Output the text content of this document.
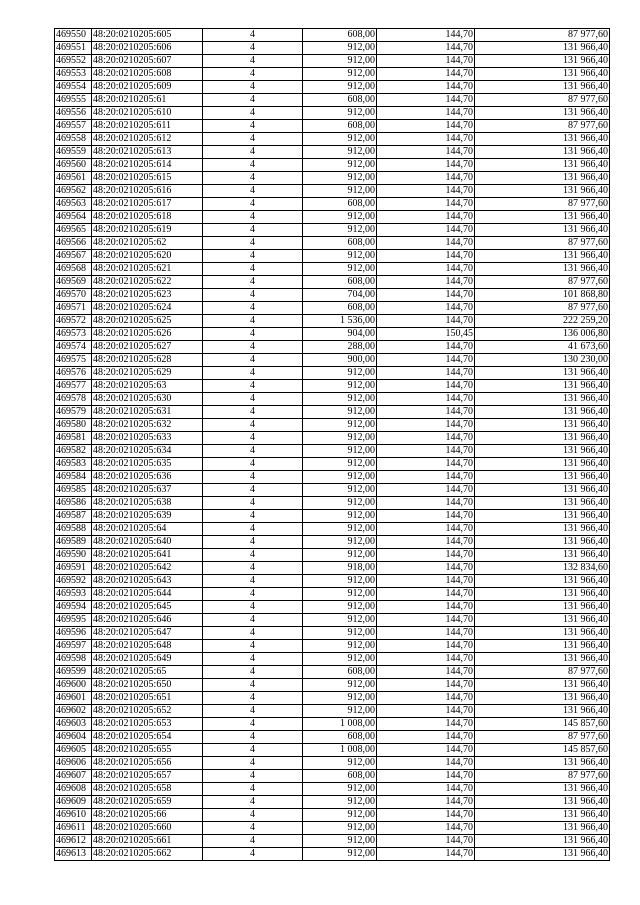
469550	48:20:0210205:605	4	608,00	144,70	87 977,60
469551	48:20:0210205:606	4	912,00	144,70	131 966,40
469552	48:20:0210205:607	4	912,00	144,70	131 966,40
469553	48:20:0210205:608	4	912,00	144,70	131 966,40
469554	48:20:0210205:609	4	912,00	144,70	131 966,40
469555	48:20:0210205:61	4	608,00	144,70	87 977,60
469556	48:20:0210205:610	4	912,00	144,70	131 966,40
469557	48:20:0210205:611	4	608,00	144,70	87 977,60
469558	48:20:0210205:612	4	912,00	144,70	131 966,40
469559	48:20:0210205:613	4	912,00	144,70	131 966,40
469560	48:20:0210205:614	4	912,00	144,70	131 966,40
469561	48:20:0210205:615	4	912,00	144,70	131 966,40
469562	48:20:0210205:616	4	912,00	144,70	131 966,40
469563	48:20:0210205:617	4	608,00	144,70	87 977,60
469564	48:20:0210205:618	4	912,00	144,70	131 966,40
469565	48:20:0210205:619	4	912,00	144,70	131 966,40
469566	48:20:0210205:62	4	608,00	144,70	87 977,60
469567	48:20:0210205:620	4	912,00	144,70	131 966,40
469568	48:20:0210205:621	4	912,00	144,70	131 966,40
469569	48:20:0210205:622	4	608,00	144,70	87 977,60
469570	48:20:0210205:623	4	704,00	144,70	101 868,80
469571	48:20:0210205:624	4	608,00	144,70	87 977,60
469572	48:20:0210205:625	4	1 536,00	144,70	222 259,20
469573	48:20:0210205:626	4	904,00	150,45	136 006,80
469574	48:20:0210205:627	4	288,00	144,70	41 673,60
469575	48:20:0210205:628	4	900,00	144,70	130 230,00
469576	48:20:0210205:629	4	912,00	144,70	131 966,40
469577	48:20:0210205:63	4	912,00	144,70	131 966,40
469578	48:20:0210205:630	4	912,00	144,70	131 966,40
469579	48:20:0210205:631	4	912,00	144,70	131 966,40
469580	48:20:0210205:632	4	912,00	144,70	131 966,40
469581	48:20:0210205:633	4	912,00	144,70	131 966,40
469582	48:20:0210205:634	4	912,00	144,70	131 966,40
469583	48:20:0210205:635	4	912,00	144,70	131 966,40
469584	48:20:0210205:636	4	912,00	144,70	131 966,40
469585	48:20:0210205:637	4	912,00	144,70	131 966,40
469586	48:20:0210205:638	4	912,00	144,70	131 966,40
469587	48:20:0210205:639	4	912,00	144,70	131 966,40
469588	48:20:0210205:64	4	912,00	144,70	131 966,40
469589	48:20:0210205:640	4	912,00	144,70	131 966,40
469590	48:20:0210205:641	4	912,00	144,70	131 966,40
469591	48:20:0210205:642	4	918,00	144,70	132 834,60
469592	48:20:0210205:643	4	912,00	144,70	131 966,40
469593	48:20:0210205:644	4	912,00	144,70	131 966,40
469594	48:20:0210205:645	4	912,00	144,70	131 966,40
469595	48:20:0210205:646	4	912,00	144,70	131 966,40
469596	48:20:0210205:647	4	912,00	144,70	131 966,40
469597	48:20:0210205:648	4	912,00	144,70	131 966,40
469598	48:20:0210205:649	4	912,00	144,70	131 966,40
469599	48:20:0210205:65	4	608,00	144,70	87 977,60
469600	48:20:0210205:650	4	912,00	144,70	131 966,40
469601	48:20:0210205:651	4	912,00	144,70	131 966,40
469602	48:20:0210205:652	4	912,00	144,70	131 966,40
469603	48:20:0210205:653	4	1 008,00	144,70	145 857,60
469604	48:20:0210205:654	4	608,00	144,70	87 977,60
469605	48:20:0210205:655	4	1 008,00	144,70	145 857,60
469606	48:20:0210205:656	4	912,00	144,70	131 966,40
469607	48:20:0210205:657	4	608,00	144,70	87 977,60
469608	48:20:0210205:658	4	912,00	144,70	131 966,40
469609	48:20:0210205:659	4	912,00	144,70	131 966,40
469610	48:20:0210205:66	4	912,00	144,70	131 966,40
469611	48:20:0210205:660	4	912,00	144,70	131 966,40
469612	48:20:0210205:661	4	912,00	144,70	131 966,40
469613	48:20:0210205:662	4	912,00	144,70	131 966,40
